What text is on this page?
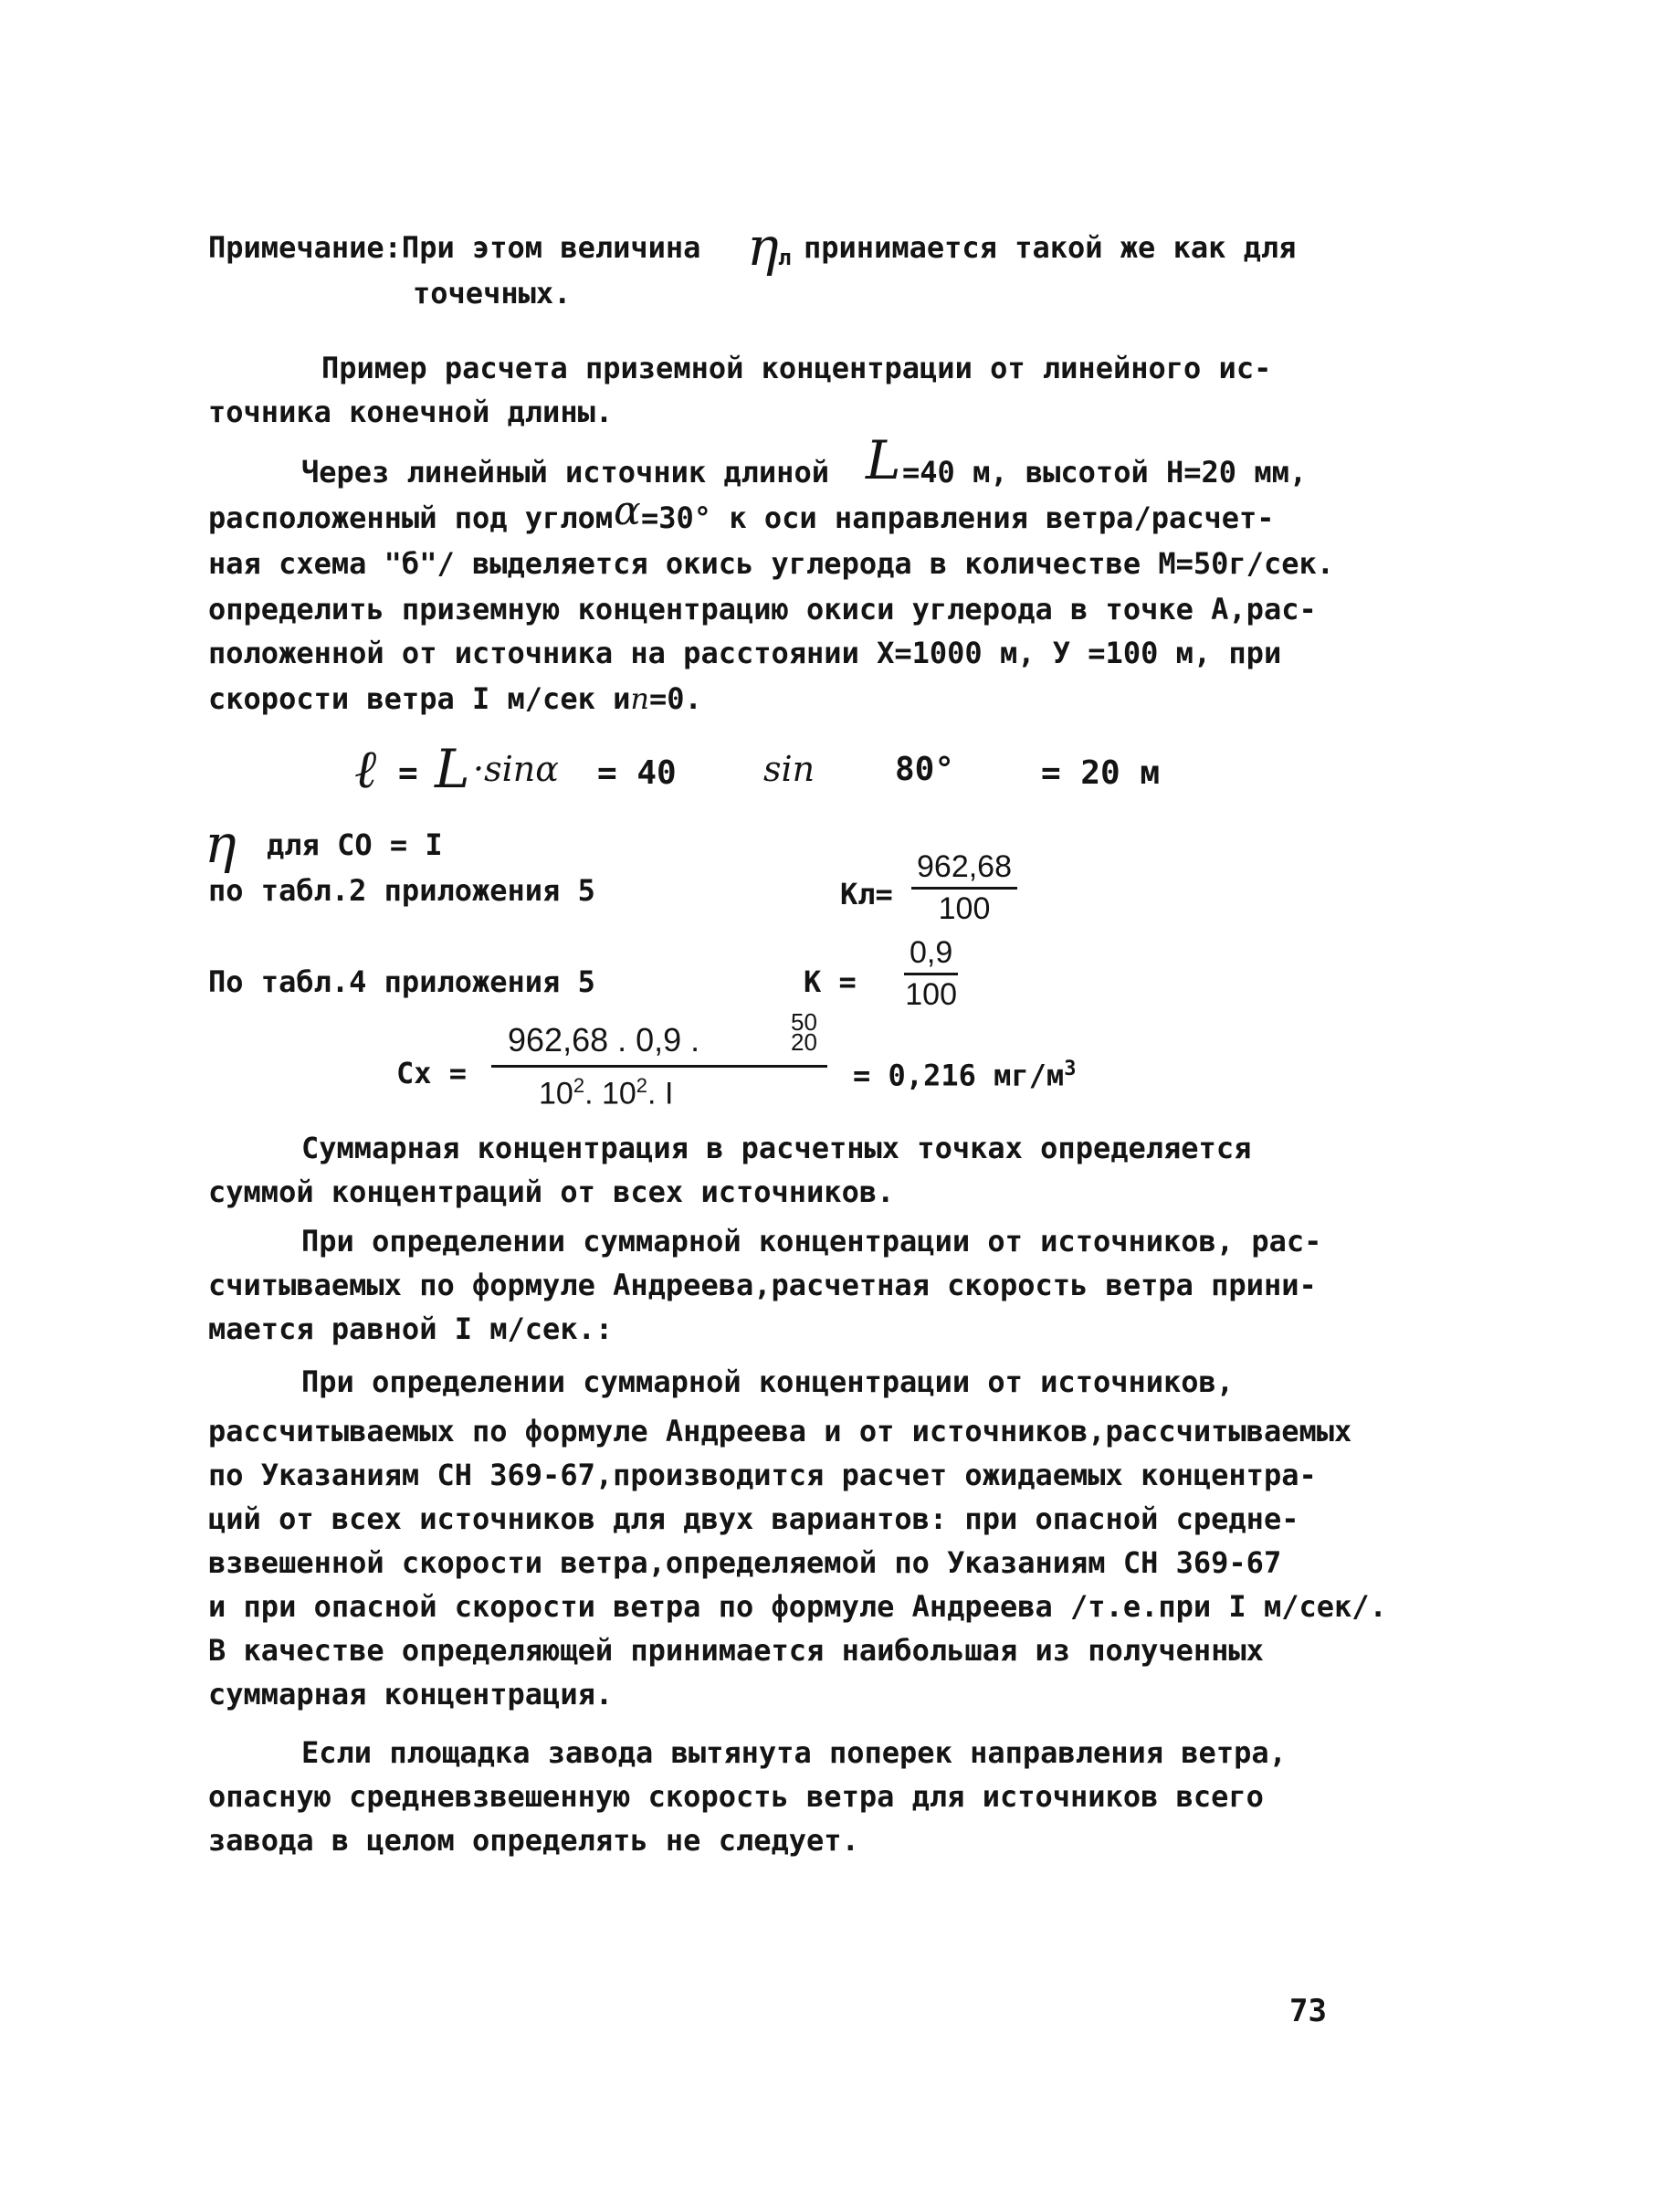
Примечание:При этом величина η л принимается такой же как для
точечных.
Пример расчета приземной концентрации от линейного ис-
точника конечной длины.
Через линейный источник длиной L =40 м, высотой Н=20 мм,
расположенный под углом α =30° к оси направления ветра/расчет-
ная схема "б"/ выделяется окись углерода в количестве М=50г/сек.
определить приземную концентрацию окиси углерода в точке А,рас-
положенной от источника на расстоянии Х=1000 м, У =100 м, при
скорости ветра I м/сек иn=0.
ℓ = L ·sinα = 40	sin 80°	= 20 м
η для СО = I
по табл.2 приложения 5	$Кл= \frac{962,68}{100}$
По табл.4 приложения 5	$К = \frac{0,9}{100}$
Сх =
962,68 . 0,9 .	50
20
$10^2$. $10^2$. I
= 0,216 $мг/м^3$
Суммарная концентрация в расчетных точках определяется
суммой концентраций от всех источников.
При определении суммарной концентрации от источников, рас-
считываемых по формуле Андреева,расчетная скорость ветра прини-
мается равной I м/сек.:
При определении суммарной концентрации от источников,
рассчитываемых по формуле Андреева и от источников,рассчитываемых
по Указаниям СН 369-67,производится расчет ожидаемых концентра-
ций от всех источников для двух вариантов: при опасной средне-
взвешенной скорости ветра,определяемой по Указаниям СН 369-67
и при опасной скорости ветра по формуле Андреева /т.е.при I м/сек/.
В качестве определяющей принимается наибольшая из полученных
суммарная концентрация.
Если площадка завода вытянута поперек направления ветра,
опасную средневзвешенную скорость ветра для источников всего
завода в целом определять не следует.
73
